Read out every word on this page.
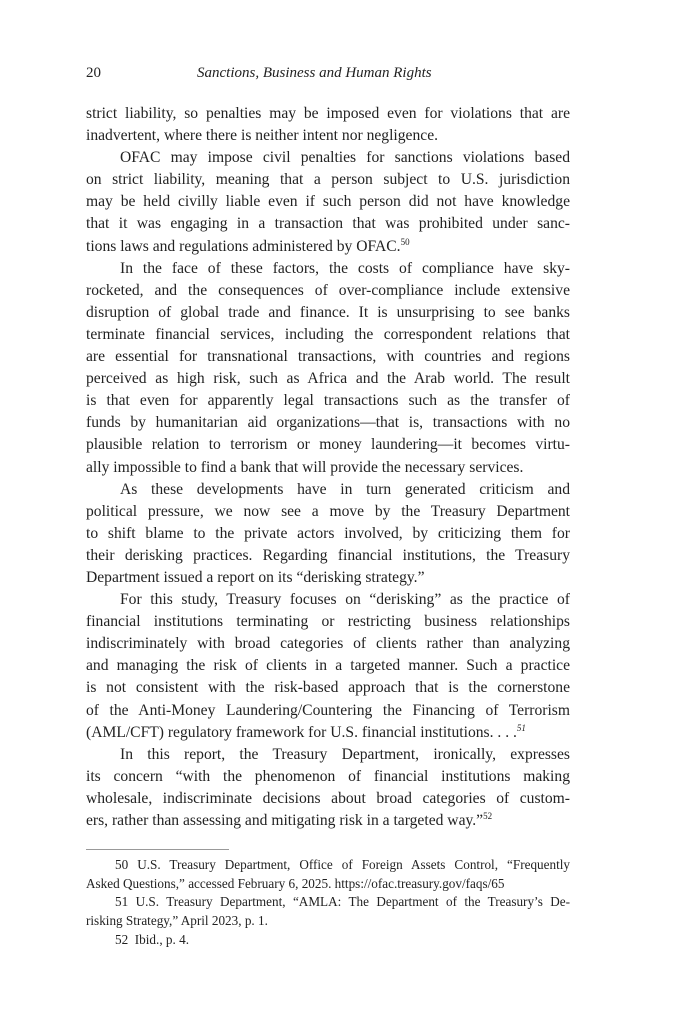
20	Sanctions, Business and Human Rights
strict liability, so penalties may be imposed even for violations that are
inadvertent, where there is neither intent nor negligence.
OFAC may impose civil penalties for sanctions violations based
on strict liability, meaning that a person subject to U.S. jurisdiction
may be held civilly liable even if such person did not have knowledge
that it was engaging in a transaction that was prohibited under sanc-
tions laws and regulations administered by OFAC.$^{50}$
In the face of these factors, the costs of compliance have sky-
rocketed, and the consequences of over-compliance include extensive
disruption of global trade and finance. It is unsurprising to see banks
terminate financial services, including the correspondent relations that
are essential for transnational transactions, with countries and regions
perceived as high risk, such as Africa and the Arab world. The result
is that even for apparently legal transactions such as the transfer of
funds by humanitarian aid organizations—that is, transactions with no
plausible relation to terrorism or money laundering—it becomes virtu-
ally impossible to find a bank that will provide the necessary services.
As these developments have in turn generated criticism and
political pressure, we now see a move by the Treasury Department
to shift blame to the private actors involved, by criticizing them for
their derisking practices. Regarding financial institutions, the Treasury
Department issued a report on its “derisking strategy.”
For this study, Treasury focuses on “derisking” as the practice of
financial institutions terminating or restricting business relationships
indiscriminately with broad categories of clients rather than analyzing
and managing the risk of clients in a targeted manner. Such a practice
is not consistent with the risk-based approach that is the cornerstone
of the Anti-Money Laundering/Countering the Financing of Terrorism
(AML/CFT) regulatory framework for U.S. financial institutions. . . .$^{51}$
In this report, the Treasury Department, ironically, expresses
its concern “with the phenomenon of financial institutions making
wholesale, indiscriminate decisions about broad categories of custom-
ers, rather than assessing and mitigating risk in a targeted way.”$^{52}$
50 U.S. Treasury Department, Office of Foreign Assets Control, “Frequently
Asked Questions,” accessed February 6, 2025. https://ofac.treasury.gov/faqs/65
51 U.S. Treasury Department, “AMLA: The Department of the Treasury’s De-
risking Strategy,” April 2023, p. 1.
52 Ibid., p. 4.
